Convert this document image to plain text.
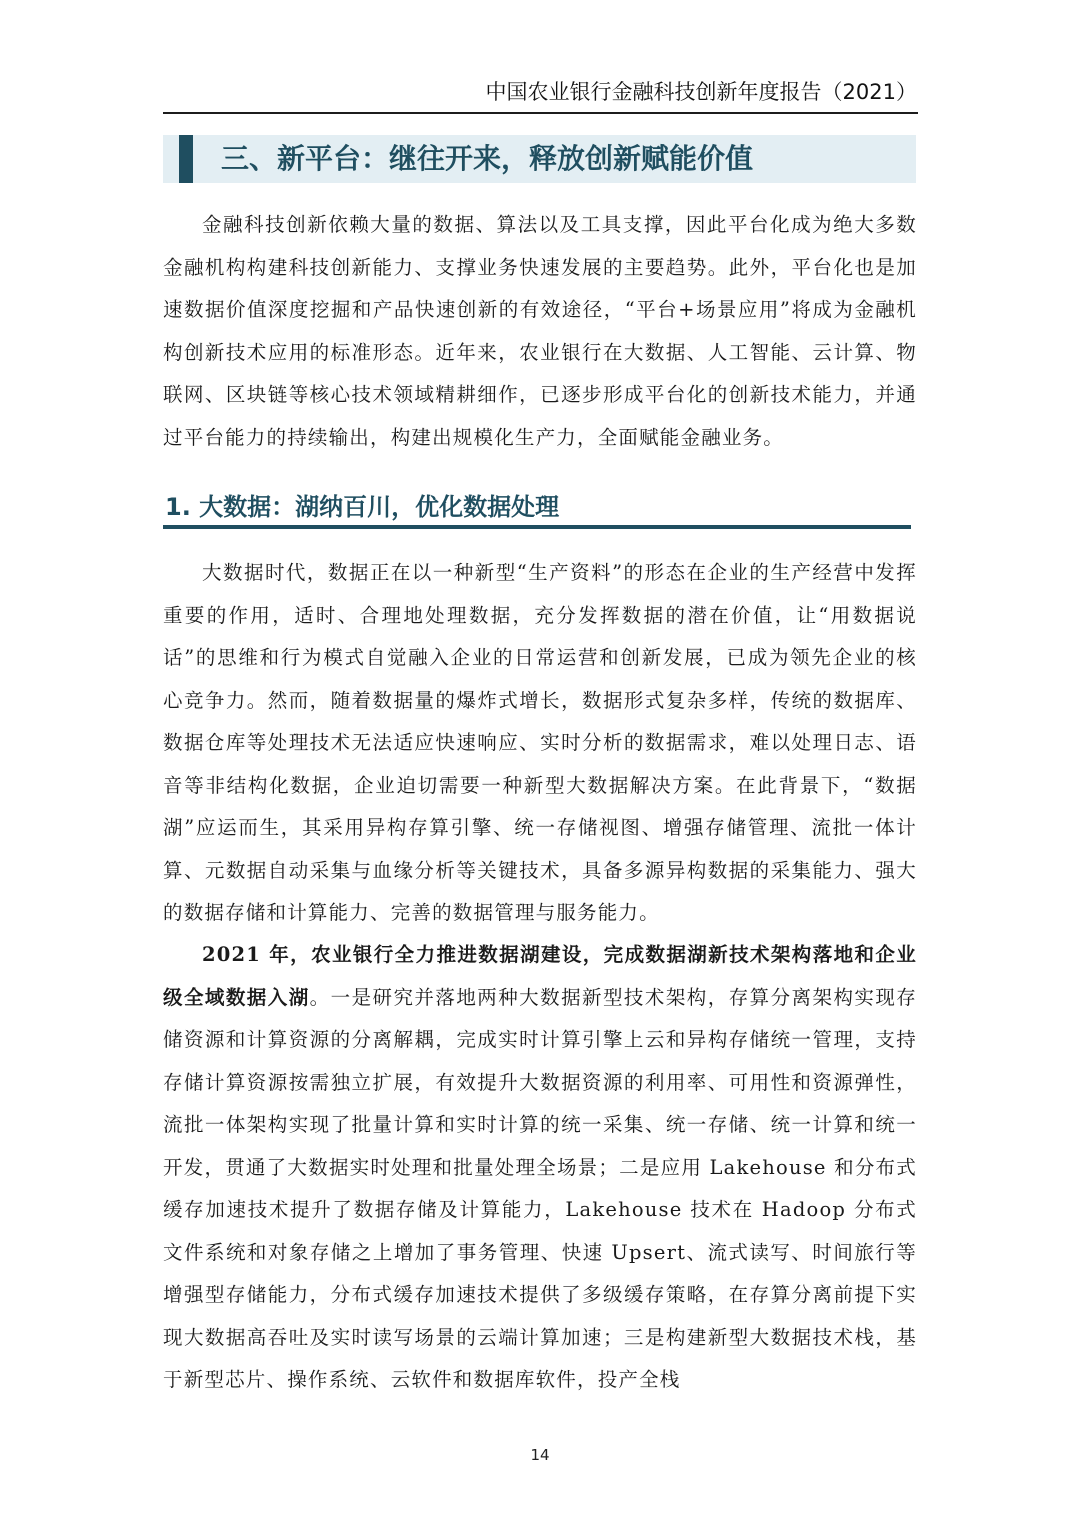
中国农业银行金融科技创新年度报告（2021）
三、新平台：继往开来，释放创新赋能价值

金融科技创新依赖大量的数据、算法以及工具支撑，因此平台化成为绝大多数金融机构构建科技创新能力、支撑业务快速发展的主要趋势。此外，平台化也是加速数据价值深度挖掘和产品快速创新的有效途径，“平台+场景应用”将成为金融机构创新技术应用的标准形态。近年来，农业银行在大数据、人工智能、云计算、物联网、区块链等核心技术领域精耕细作，已逐步形成平台化的创新技术能力，并通过平台能力的持续输出，构建出规模化生产力，全面赋能金融业务。

1. 大数据：湖纳百川，优化数据处理

大数据时代，数据正在以一种新型“生产资料”的形态在企业的生产经营中发挥重要的作用，适时、合理地处理数据，充分发挥数据的潜在价值，让“用数据说话”的思维和行为模式自觉融入企业的日常运营和创新发展，已成为领先企业的核心竞争力。然而，随着数据量的爆炸式增长，数据形式复杂多样，传统的数据库、数据仓库等处理技术无法适应快速响应、实时分析的数据需求，难以处理日志、语音等非结构化数据，企业迫切需要一种新型大数据解决方案。在此背景下，“数据湖”应运而生，其采用异构存算引擎、统一存储视图、增强存储管理、流批一体计算、元数据自动采集与血缘分析等关键技术，具备多源异构数据的采集能力、强大的数据存储和计算能力、完善的数据管理与服务能力。

2021 年，农业银行全力推进数据湖建设，完成数据湖新技术架构落地和企业级全域数据入湖。一是研究并落地两种大数据新型技术架构，存算分离架构实现存储资源和计算资源的分离解耦，完成实时计算引擎上云和异构存储统一管理，支持存储计算资源按需独立扩展，有效提升大数据资源的利用率、可用性和资源弹性，流批一体架构实现了批量计算和实时计算的统一采集、统一存储、统一计算和统一开发，贯通了大数据实时处理和批量处理全场景；二是应用 Lakehouse 和分布式缓存加速技术提升了数据存储及计算能力，Lakehouse 技术在 Hadoop 分布式文件系统和对象存储之上增加了事务管理、快速 Upsert、流式读写、时间旅行等增强型存储能力，分布式缓存加速技术提供了多级缓存策略，在存算分离前提下实现大数据高吞吐及实时读写场景的云端计算加速；三是构建新型大数据技术栈，基于新型芯片、操作系统、云软件和数据库软件，投产全栈

14
